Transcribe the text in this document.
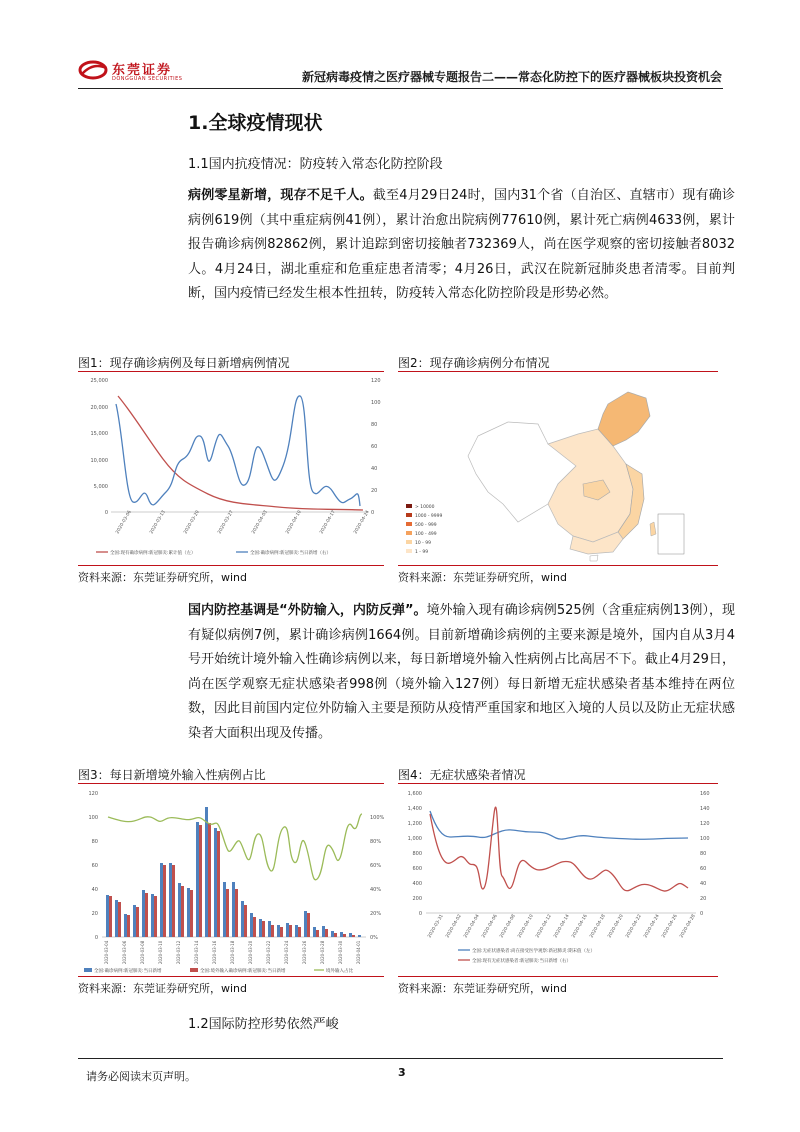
东莞证券
DONGGUAN SECURITIES	新冠病毒疫情之医疗器械专题报告二——常态化防控下的医疗器械板块投资机会
1.全球疫情现状
1.1国内抗疫情况：防疫转入常态化防控阶段
病例零星新增，现存不足千人。截至4月29日24时，国内31个省（自治区、直辖市）现有确诊病例619例（其中重症病例41例），累计治愈出院病例77610例，累计死亡病例4633例，累计报告确诊病例82862例，累计追踪到密切接触者732369人，尚在医学观察的密切接触者8032人。4月24日，湖北重症和危重症患者清零；4月26日，武汉在院新冠肺炎患者清零。目前判断，国内疫情已经发生根本性扭转，防疫转入常态化防控阶段是形势必然。
图1：现存确诊病例及每日新增病例情况	图2：现存确诊病例分布情况
25,000
20,000
15,000
10,000
5,000
0
120
100
80
60
40
20
0
2020-03-06	2020-03-13	2020-03-20	2020-03-27	2020-04-03	2020-04-10	2020-04-17	2020-04-24
全国:现有确诊病例:新冠肺炎:累计值（左）	全国:确诊病例:新冠肺炎:当日新增（右）
> 10000
1000 - 9999
500 - 999
100 - 499
10 - 99
1 - 99
资料来源：东莞证券研究所，wind	资料来源：东莞证券研究所，wind
国内防控基调是“外防输入，内防反弹”。境外输入现有确诊病例525例（含重症病例13例），现有疑似病例7例，累计确诊病例1664例。目前新增确诊病例的主要来源是境外，国内自从3月4号开始统计境外输入性确诊病例以来，每日新增境外输入性病例占比高居不下。截止4月29日，尚在医学观察无症状感染者998例（境外输入127例）每日新增无症状感染者基本维持在两位数，因此目前国内定位外防输入主要是预防从疫情严重国家和地区入境的人员以及防止无症状感染者大面积出现及传播。
图3：每日新增境外输入性病例占比	图4：无症状感染者情况
120
100
80
60
40
20
0
100%
80%
60%
40%
20%
0%
2020-03-04	2020-03-06	2020-03-08	2020-03-10	2020-03-12	2020-03-14	2020-03-16	2020-03-18	2020-03-20	2020-03-22	2020-03-24	2020-03-26	2020-03-28	2020-03-30	2020-04-01
全国:确诊病例:新冠肺炎:当日新增	全国:境外输入确诊病例:新冠肺炎:当日新增	境外输入占比
1,600
1,400
1,200
1,000
800
600
400
200
0
160
140
120
100
80
60
40
20
0
2020-03-31 2020-04-02 2020-04-04 2020-04-06 2020-04-08 2020-04-10 2020-04-12 2020-04-14 2020-04-16 2020-04-18 2020-04-20 2020-04-22 2020-04-24 2020-04-26 2020-04-28
全国:无症状感染者:尚在接受医学观察:新冠肺炎:期末值（左）
全国:现有无症状感染者:新冠肺炎:当日新增（右）
资料来源：东莞证券研究所，wind	资料来源：东莞证券研究所，wind
1.2国际防控形势依然严峻
请务必阅读末页声明。	3
